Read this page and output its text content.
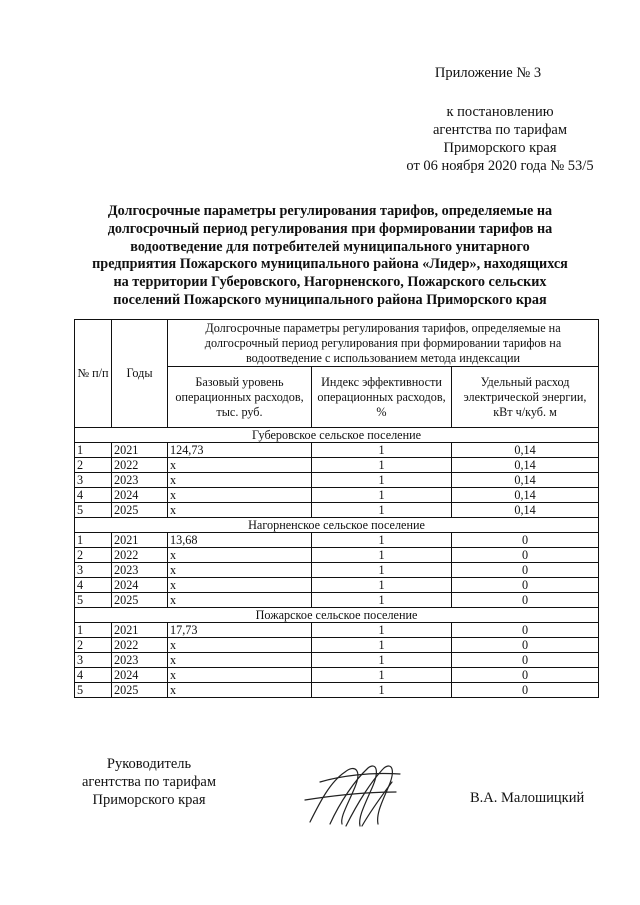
Приложение № 3
к постановлению
агентства по тарифам
Приморского края
от 06 ноября 2020 года № 53/5
Долгосрочные параметры регулирования тарифов, определяемые на
долгосрочный период регулирования при формировании тарифов на
водоотведение для потребителей муниципального унитарного
предприятия Пожарского муниципального района «Лидер», находящихся
на территории Губеровского, Нагорненского, Пожарского сельских
поселений Пожарского муниципального района Приморского края
№ п/п	Годы	Долгосрочные параметры регулирования тарифов, определяемые на долгосрочный период регулирования при формировании тарифов на водоотведение с использованием метода индексации		
		Базовый уровень операционных расходов, тыс. руб.	Индекс эффективности операционных расходов, %	Удельный расход электрической энергии, кВт ч/куб. м
Губеровское сельское поселение				
1	2021	124,73	1	0,14
2	2022	x	1	0,14
3	2023	x	1	0,14
4	2024	x	1	0,14
5	2025	x	1	0,14
Нагорненское сельское поселение				
1	2021	13,68	1	0
2	2022	x	1	0
3	2023	x	1	0
4	2024	x	1	0
5	2025	x	1	0
Пожарское сельское поселение				
1	2021	17,73	1	0
2	2022	x	1	0
3	2023	x	1	0
4	2024	x	1	0
5	2025	x	1	0
Руководитель
агентства по тарифам
Приморского края	В.А. Малошицкий
